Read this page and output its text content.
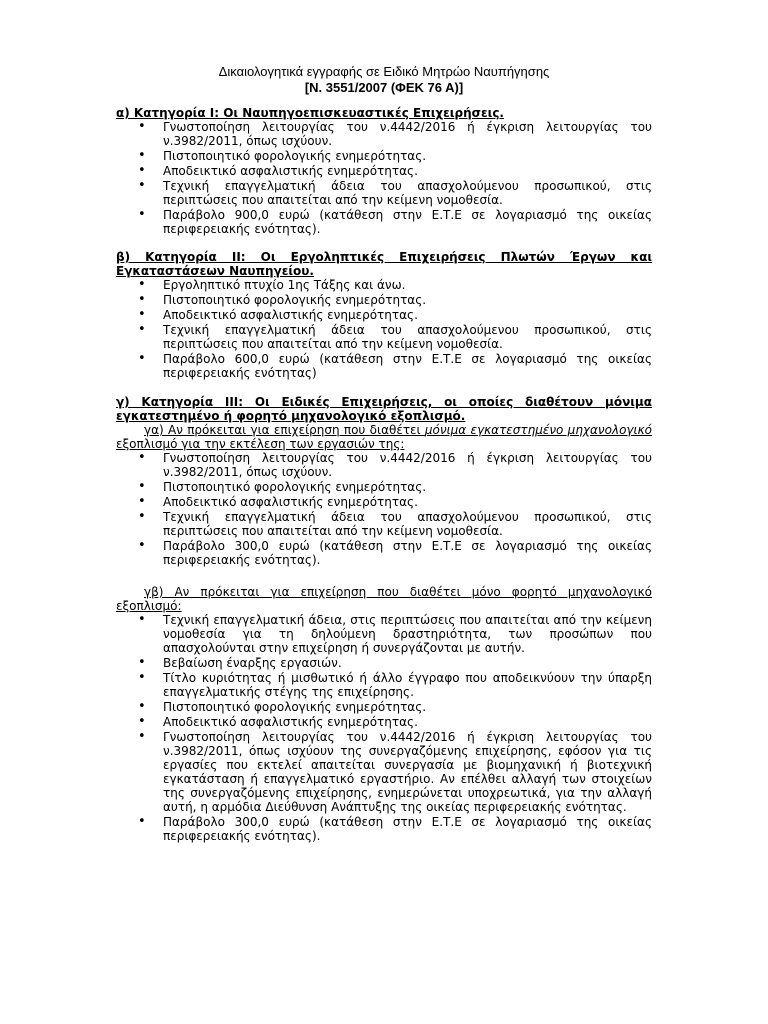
Δικαιολογητικά εγγραφής σε Ειδικό Μητρώο Ναυπήγησης
[Ν. 3551/2007 (ΦΕΚ 76 Α)]
α) Κατηγορία Ι: Οι Ναυπηγοεπισκευαστικές Επιχειρήσεις.
• Γνωστοποίηση λειτουργίας του ν.4442/2016 ή έγκριση λειτουργίας του ν.3982/2011, όπως ισχύουν.
• Πιστοποιητικό φορολογικής ενημερότητας.
• Αποδεικτικό ασφαλιστικής ενημερότητας.
• Τεχνική επαγγελματική άδεια του απασχολούμενου προσωπικού, στις περιπτώσεις που απαιτείται από την κείμενη νομοθεσία.
• Παράβολο 900,0 ευρώ (κατάθεση στην Ε.Τ.Ε σε λογαριασμό της οικείας περιφερειακής ενότητας).
β) Κατηγορία ΙΙ: Οι Εργοληπτικές Επιχειρήσεις Πλωτών Έργων και Εγκαταστάσεων Ναυπηγείου.
• Εργοληπτικό πτυχίο 1ης Τάξης και άνω.
• Πιστοποιητικό φορολογικής ενημερότητας.
• Αποδεικτικό ασφαλιστικής ενημερότητας.
• Τεχνική επαγγελματική άδεια του απασχολούμενου προσωπικού, στις περιπτώσεις που απαιτείται από την κείμενη νομοθεσία.
• Παράβολο 600,0 ευρώ (κατάθεση στην Ε.Τ.Ε σε λογαριασμό της οικείας περιφερειακής ενότητας)
γ) Κατηγορία ΙΙΙ: Οι Ειδικές Επιχειρήσεις, οι οποίες διαθέτουν μόνιμα εγκατεστημένο ή φορητό μηχανολογικό εξοπλισμό.
γα) Αν πρόκειται για επιχείρηση που διαθέτει μόνιμα εγκατεστημένο μηχανολογικό εξοπλισμό για την εκτέλεση των εργασιών της:
• Γνωστοποίηση λειτουργίας του ν.4442/2016 ή έγκριση λειτουργίας του ν.3982/2011, όπως ισχύουν.
• Πιστοποιητικό φορολογικής ενημερότητας.
• Αποδεικτικό ασφαλιστικής ενημερότητας.
• Τεχνική επαγγελματική άδεια του απασχολούμενου προσωπικού, στις περιπτώσεις που απαιτείται από την κείμενη νομοθεσία.
• Παράβολο 300,0 ευρώ (κατάθεση στην Ε.Τ.Ε σε λογαριασμό της οικείας περιφερειακής ενότητας).
γβ) Αν πρόκειται για επιχείρηση που διαθέτει μόνο φορητό μηχανολογικό εξοπλισμό:
• Τεχνική επαγγελματική άδεια, στις περιπτώσεις που απαιτείται από την κείμενη νομοθεσία για τη δηλούμενη δραστηριότητα, των προσώπων που απασχολούνται στην επιχείρηση ή συνεργάζονται με αυτήν.
• Βεβαίωση έναρξης εργασιών.
• Τίτλο κυριότητας ή μισθωτικό ή άλλο έγγραφο που αποδεικνύουν την ύπαρξη επαγγελματικής στέγης της επιχείρησης.
• Πιστοποιητικό φορολογικής ενημερότητας.
• Αποδεικτικό ασφαλιστικής ενημερότητας.
• Γνωστοποίηση λειτουργίας του ν.4442/2016 ή έγκριση λειτουργίας του ν.3982/2011, όπως ισχύουν της συνεργαζόμενης επιχείρησης, εφόσον για τις εργασίες που εκτελεί απαιτείται συνεργασία με βιομηχανική ή βιοτεχνική εγκατάσταση ή επαγγελματικό εργαστήριο. Αν επέλθει αλλαγή των στοιχείων της συνεργαζόμενης επιχείρησης, ενημερώνεται υποχρεωτικά, για την αλλαγή αυτή, η αρμόδια Διεύθυνση Ανάπτυξης της οικείας περιφερειακής ενότητας.
• Παράβολο 300,0 ευρώ (κατάθεση στην Ε.Τ.Ε σε λογαριασμό της οικείας περιφερειακής ενότητας).
